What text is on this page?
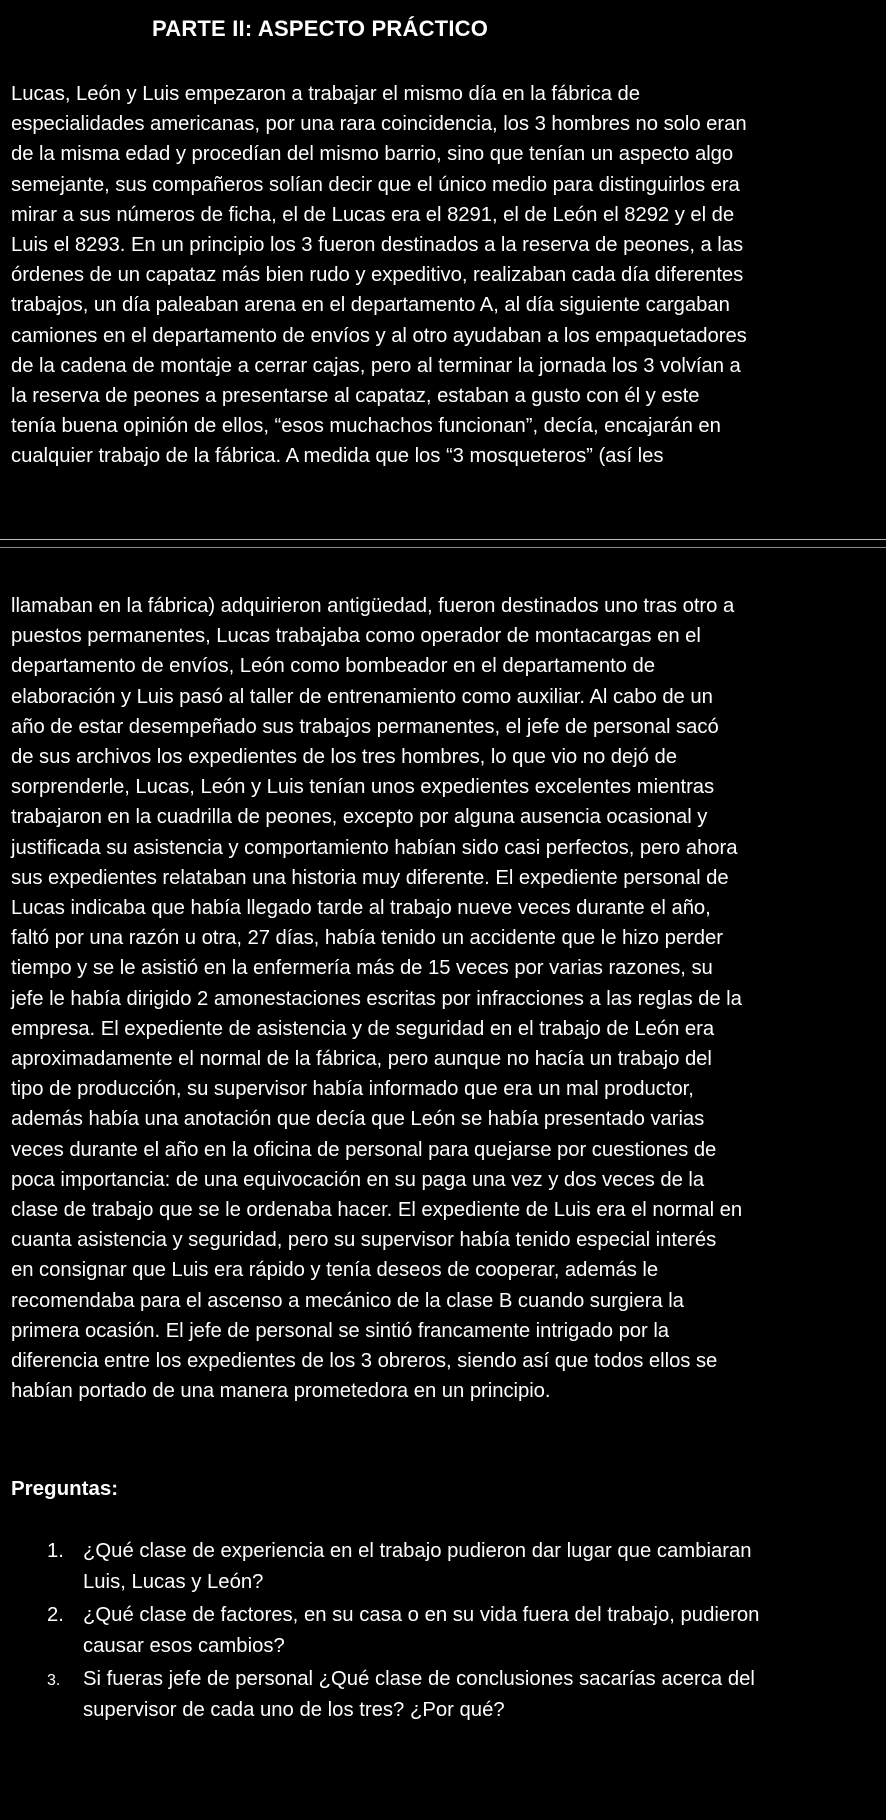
PARTE II: ASPECTO PRÁCTICO

Lucas, León y Luis empezaron a trabajar el mismo día en la fábrica de
especialidades americanas, por una rara coincidencia, los 3 hombres no solo eran
de la misma edad y procedían del mismo barrio, sino que tenían un aspecto algo
semejante, sus compañeros solían decir que el único medio para distinguirlos era
mirar a sus números de ficha, el de Lucas era el 8291, el de León el 8292 y el de
Luis el 8293. En un principio los 3 fueron destinados a la reserva de peones, a las
órdenes de un capataz más bien rudo y expeditivo, realizaban cada día diferentes
trabajos, un día paleaban arena en el departamento A, al día siguiente cargaban
camiones en el departamento de envíos y al otro ayudaban a los empaquetadores
de la cadena de montaje a cerrar cajas, pero al terminar la jornada los 3 volvían a
la reserva de peones a presentarse al capataz, estaban a gusto con él y este
tenía buena opinión de ellos, “esos muchachos funcionan”, decía, encajarán en
cualquier trabajo de la fábrica. A medida que los “3 mosqueteros” (así les

llamaban en la fábrica) adquirieron antigüedad, fueron destinados uno tras otro a
puestos permanentes, Lucas trabajaba como operador de montacargas en el
departamento de envíos, León como bombeador en el departamento de
elaboración y Luis pasó al taller de entrenamiento como auxiliar. Al cabo de un
año de estar desempeñado sus trabajos permanentes, el jefe de personal sacó
de sus archivos los expedientes de los tres hombres, lo que vio no dejó de
sorprenderle, Lucas, León y Luis tenían unos expedientes excelentes mientras
trabajaron en la cuadrilla de peones, excepto por alguna ausencia ocasional y
justificada su asistencia y comportamiento habían sido casi perfectos, pero ahora
sus expedientes relataban una historia muy diferente. El expediente personal de
Lucas indicaba que había llegado tarde al trabajo nueve veces durante el año,
faltó por una razón u otra, 27 días, había tenido un accidente que le hizo perder
tiempo y se le asistió en la enfermería más de 15 veces por varias razones, su
jefe le había dirigido 2 amonestaciones escritas por infracciones a las reglas de la
empresa. El expediente de asistencia y de seguridad en el trabajo de León era
aproximadamente el normal de la fábrica, pero aunque no hacía un trabajo del
tipo de producción, su supervisor había informado que era un mal productor,
además había una anotación que decía que León se había presentado varias
veces durante el año en la oficina de personal para quejarse por cuestiones de
poca importancia: de una equivocación en su paga una vez y dos veces de la
clase de trabajo que se le ordenaba hacer. El expediente de Luis era el normal en
cuanta asistencia y seguridad, pero su supervisor había tenido especial interés
en consignar que Luis era rápido y tenía deseos de cooperar, además le
recomendaba para el ascenso a mecánico de la clase B cuando surgiera la
primera ocasión. El jefe de personal se sintió francamente intrigado por la
diferencia entre los expedientes de los 3 obreros, siendo así que todos ellos se
habían portado de una manera prometedora en un principio.

Preguntas:
1. ¿Qué clase de experiencia en el trabajo pudieron dar lugar que cambiaran
Luis, Lucas y León?
2. ¿Qué clase de factores, en su casa o en su vida fuera del trabajo, pudieron
causar esos cambios?
3. Si fueras jefe de personal ¿Qué clase de conclusiones sacarías acerca del
supervisor de cada uno de los tres? ¿Por qué?
